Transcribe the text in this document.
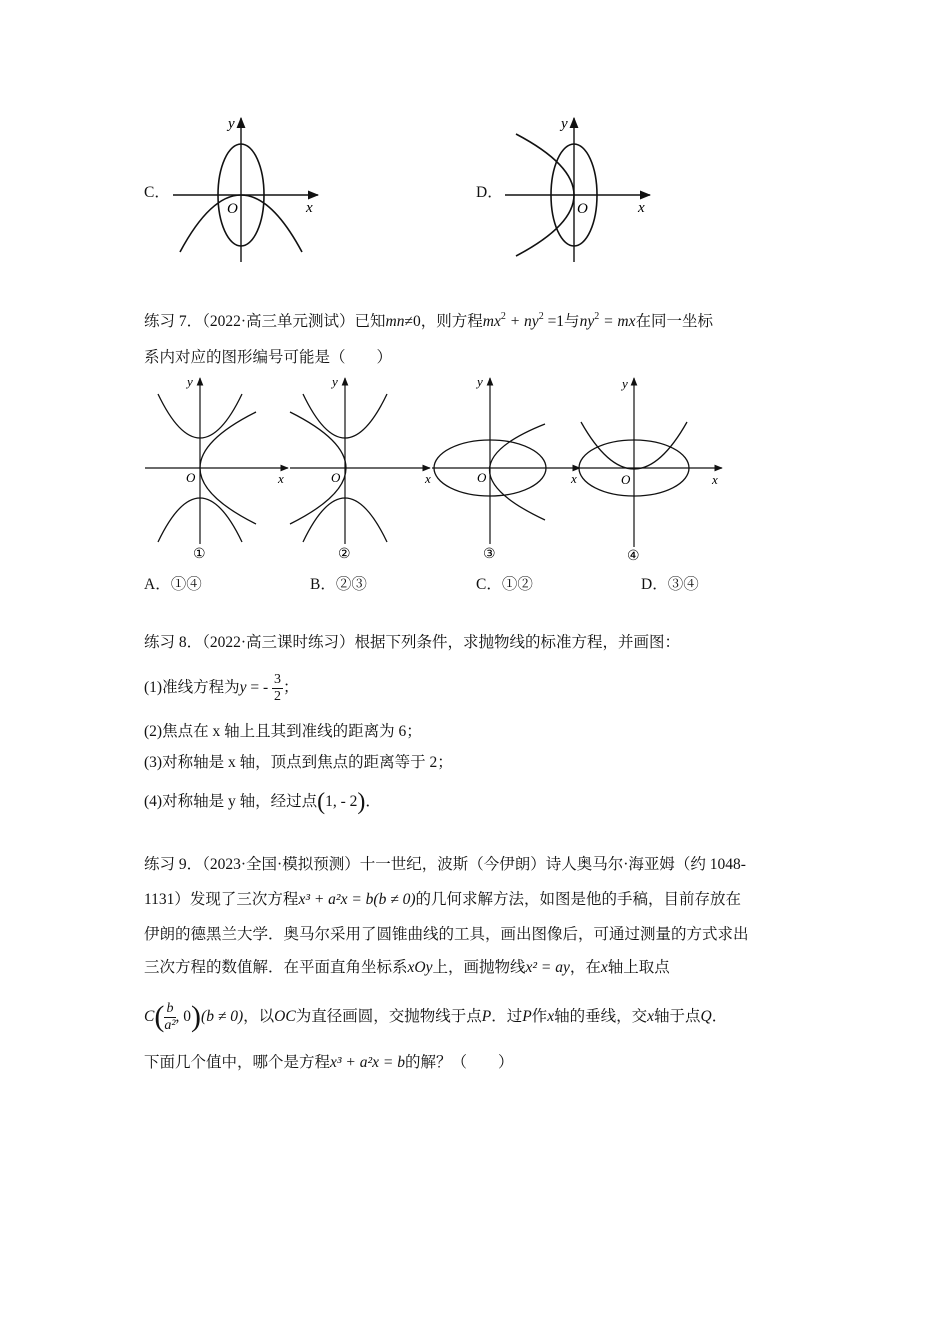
C．
y
x
O
D．
y
x
O
练习 7．（2022·高三单元测试）已知mn≠0，则方程$mx^2 + ny^2 =1$与$ny^2$ = mx在同一坐标
系内对应的图形编号可能是（　　）
y
O	x
①
y
O
②
y
O
x
③
y
O
x	x
④
A．①④	B．②③	C．①②	D．③④
练习 8．（2022·高三课时练习）根据下列条件，求抛物线的标准方程，并画图：
(1)准线方程为y = - $\frac{3}{2}$ ；
(2)焦点在 x 轴上且其到准线的距离为 6；
(3)对称轴是 x 轴，顶点到焦点的距离等于 2；
(4)对称轴是 y 轴，经过点(1, - 2)．
练习 9．（2023·全国·模拟预测）十一世纪，波斯（今伊朗）诗人奥马尔·海亚姆（约 1048-
1131）发现了三次方程x³ + a²x = b(b ≠ 0)的几何求解方法，如图是他的手稿，目前存放在
伊朗的德黑兰大学．奥马尔采用了圆锥曲线的工具，画出图像后，可通过测量的方式求出
三次方程的数值解．在平面直角坐标系xOy上，画抛物线x² = ay，在x轴上取点
$C( \frac{b}{\text{a²}}$ , 0)(b ≠ 0)，以OC为直径画圆，交抛物线于点P．过P作x轴的垂线，交x轴于点Q．
下面几个值中，哪个是方程x³ + a²x = b的解？（　　）
